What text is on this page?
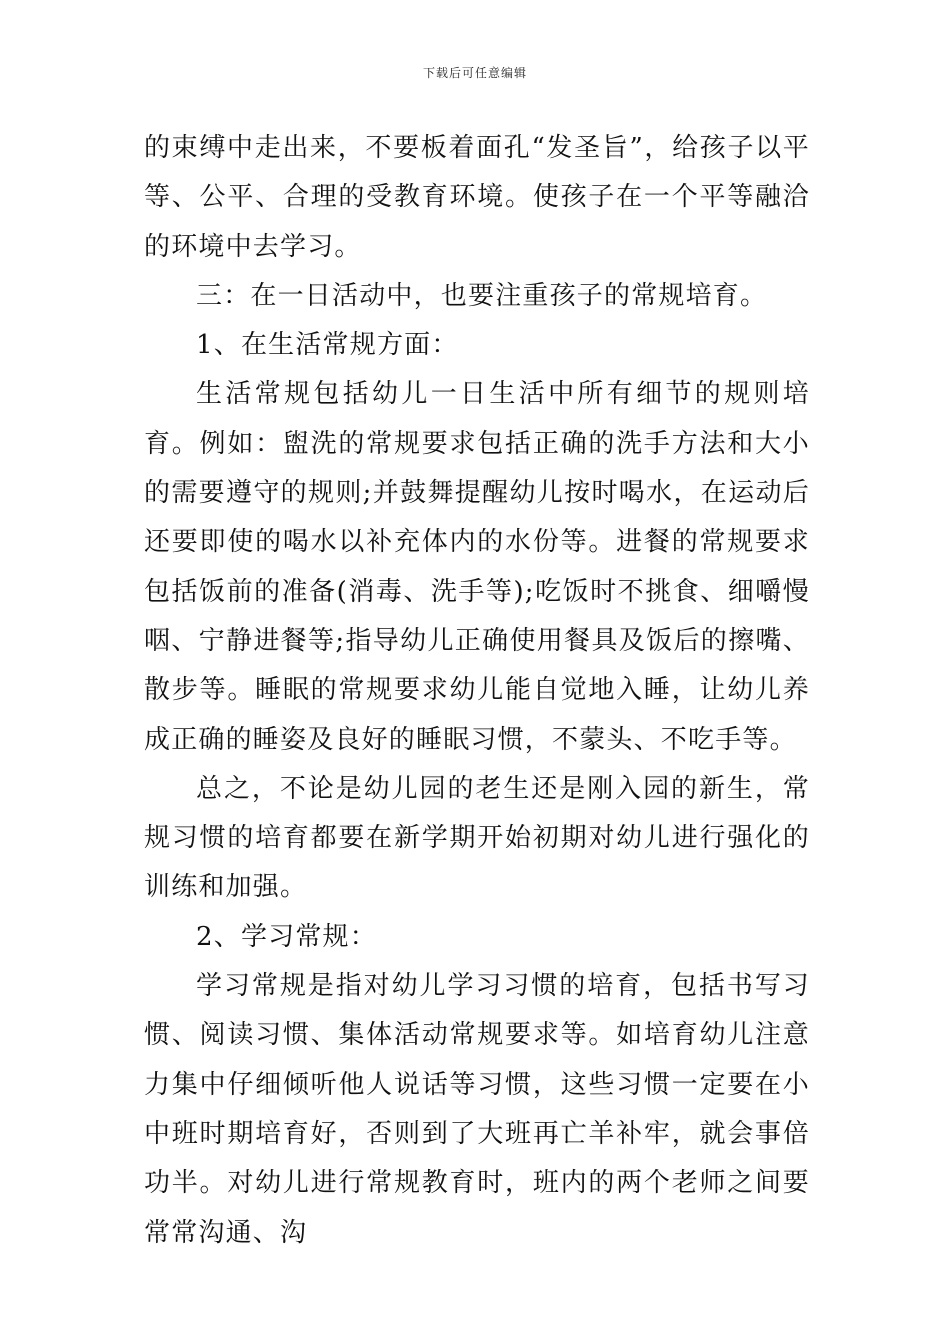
下载后可任意编辑

的束缚中走出来，不要板着面孔“发圣旨”，给孩子以平等、公平、合理的受教育环境。使孩子在一个平等融洽的环境中去学习。

三：在一日活动中，也要注重孩子的常规培育。

1、在生活常规方面：

生活常规包括幼儿一日生活中所有细节的规则培育。例如：盥洗的常规要求包括正确的洗手方法和大小的需要遵守的规则;并鼓舞提醒幼儿按时喝水，在运动后还要即使的喝水以补充体内的水份等。进餐的常规要求包括饭前的准备(消毒、洗手等);吃饭时不挑食、细嚼慢咽、宁静进餐等;指导幼儿正确使用餐具及饭后的擦嘴、散步等。睡眠的常规要求幼儿能自觉地入睡，让幼儿养成正确的睡姿及良好的睡眠习惯，不蒙头、不吃手等。

总之，不论是幼儿园的老生还是刚入园的新生，常规习惯的培育都要在新学期开始初期对幼儿进行强化的训练和加强。

2、学习常规：

学习常规是指对幼儿学习习惯的培育，包括书写习惯、阅读习惯、集体活动常规要求等。如培育幼儿注意力集中仔细倾听他人说话等习惯，这些习惯一定要在小中班时期培育好，否则到了大班再亡羊补牢，就会事倍功半。对幼儿进行常规教育时，班内的两个老师之间要常常沟通、沟
